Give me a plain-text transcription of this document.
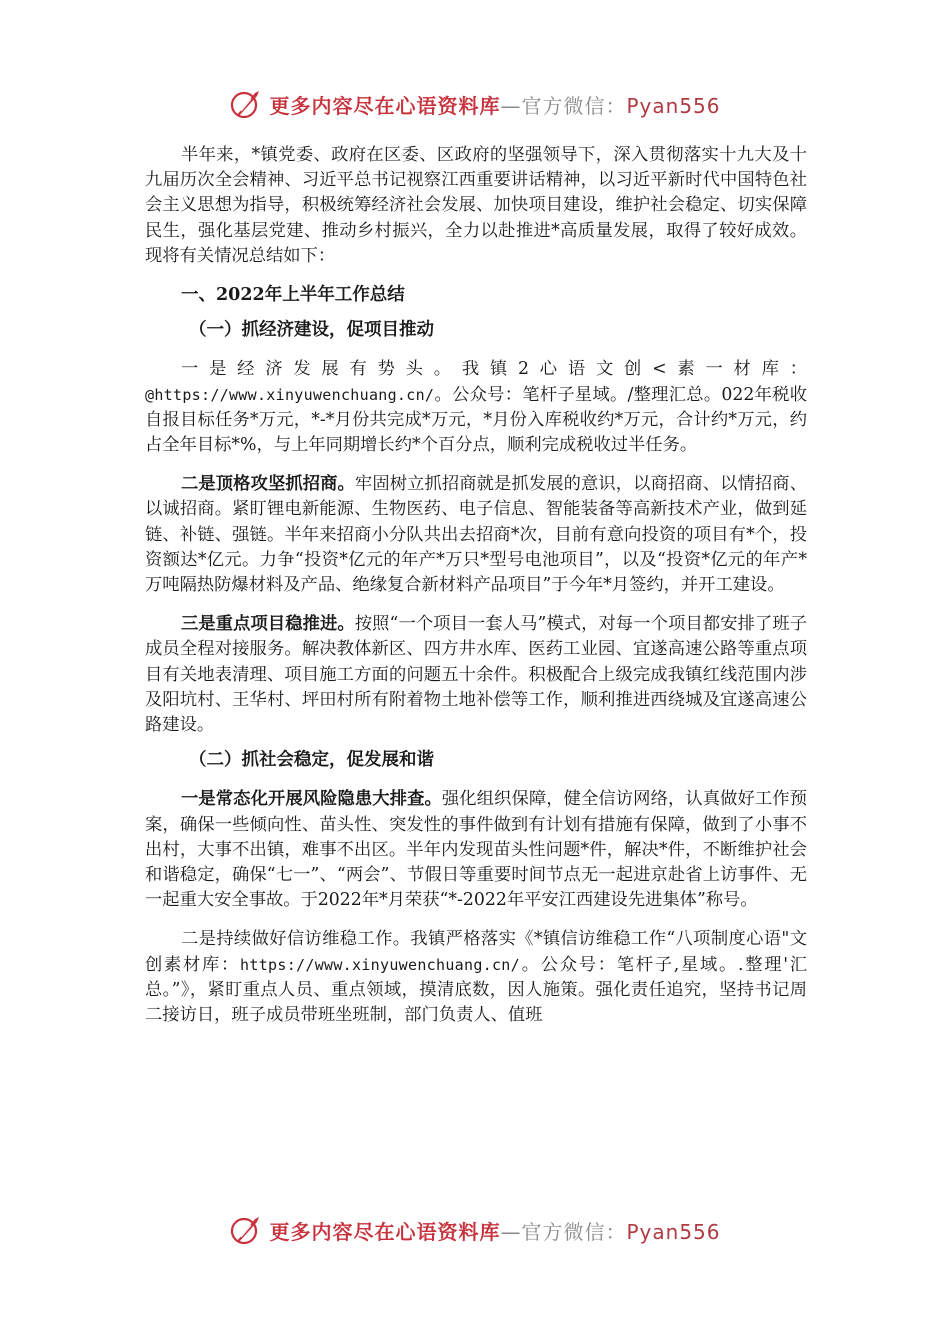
更多内容尽在心语资料库—官方微信：Pyan556

半年来，*镇党委、政府在区委、区政府的坚强领导下，深入贯彻落实十九大及十九届历次全会精神、习近平总书记视察江西重要讲话精神，以习近平新时代中国特色社会主义思想为指导，积极统筹经济社会发展、加快项目建设，维护社会稳定、切实保障民生，强化基层党建、推动乡村振兴，全力以赴推进*高质量发展，取得了较好成效。现将有关情况总结如下：

一、2022年上半年工作总结

（一）抓经济建设，促项目推动

一是经济发展有势头。我镇2心语文创<素一材库：@https://www.xinyuwenchuang.cn/。公众号：笔杆子星域。/整理汇总。022年税收自报目标任务*万元，*-*月份共完成*万元，*月份入库税收约*万元，合计约*万元，约占全年目标*%，与上年同期增长约*个百分点，顺利完成税收过半任务。

二是顶格攻坚抓招商。牢固树立抓招商就是抓发展的意识，以商招商、以情招商、以诚招商。紧盯锂电新能源、生物医药、电子信息、智能装备等高新技术产业，做到延链、补链、强链。半年来招商小分队共出去招商*次，目前有意向投资的项目有*个，投资额达*亿元。力争“投资*亿元的年产*万只*型号电池项目”，以及“投资*亿元的年产*万吨隔热防爆材料及产品、绝缘复合新材料产品项目”于今年*月签约，并开工建设。

三是重点项目稳推进。按照“一个项目一套人马”模式，对每一个项目都安排了班子成员全程对接服务。解决教体新区、四方井水库、医药工业园、宜遂高速公路等重点项目有关地表清理、项目施工方面的问题五十余件。积极配合上级完成我镇红线范围内涉及阳坑村、王华村、坪田村所有附着物土地补偿等工作，顺利推进西绕城及宜遂高速公路建设。

（二）抓社会稳定，促发展和谐

一是常态化开展风险隐患大排查。强化组织保障，健全信访网络，认真做好工作预案，确保一些倾向性、苗头性、突发性的事件做到有计划有措施有保障，做到了小事不出村，大事不出镇，难事不出区。半年内发现苗头性问题*件，解决*件，不断维护社会和谐稳定，确保“七一”、“两会”、节假日等重要时间节点无一起进京赴省上访事件、无一起重大安全事故。于2022年*月荣获“*-2022年平安江西建设先进集体”称号。

二是持续做好信访维稳工作。我镇严格落实《*镇信访维稳工作“八项制度心语"文创素材库：https://www.xinyuwenchuang.cn/。公众号：笔杆子,星域。.整理'汇总。”》，紧盯重点人员、重点领域，摸清底数，因人施策。强化责任追究，坚持书记周二接访日，班子成员带班坐班制，部门负责人、值班

更多内容尽在心语资料库—官方微信：Pyan556
